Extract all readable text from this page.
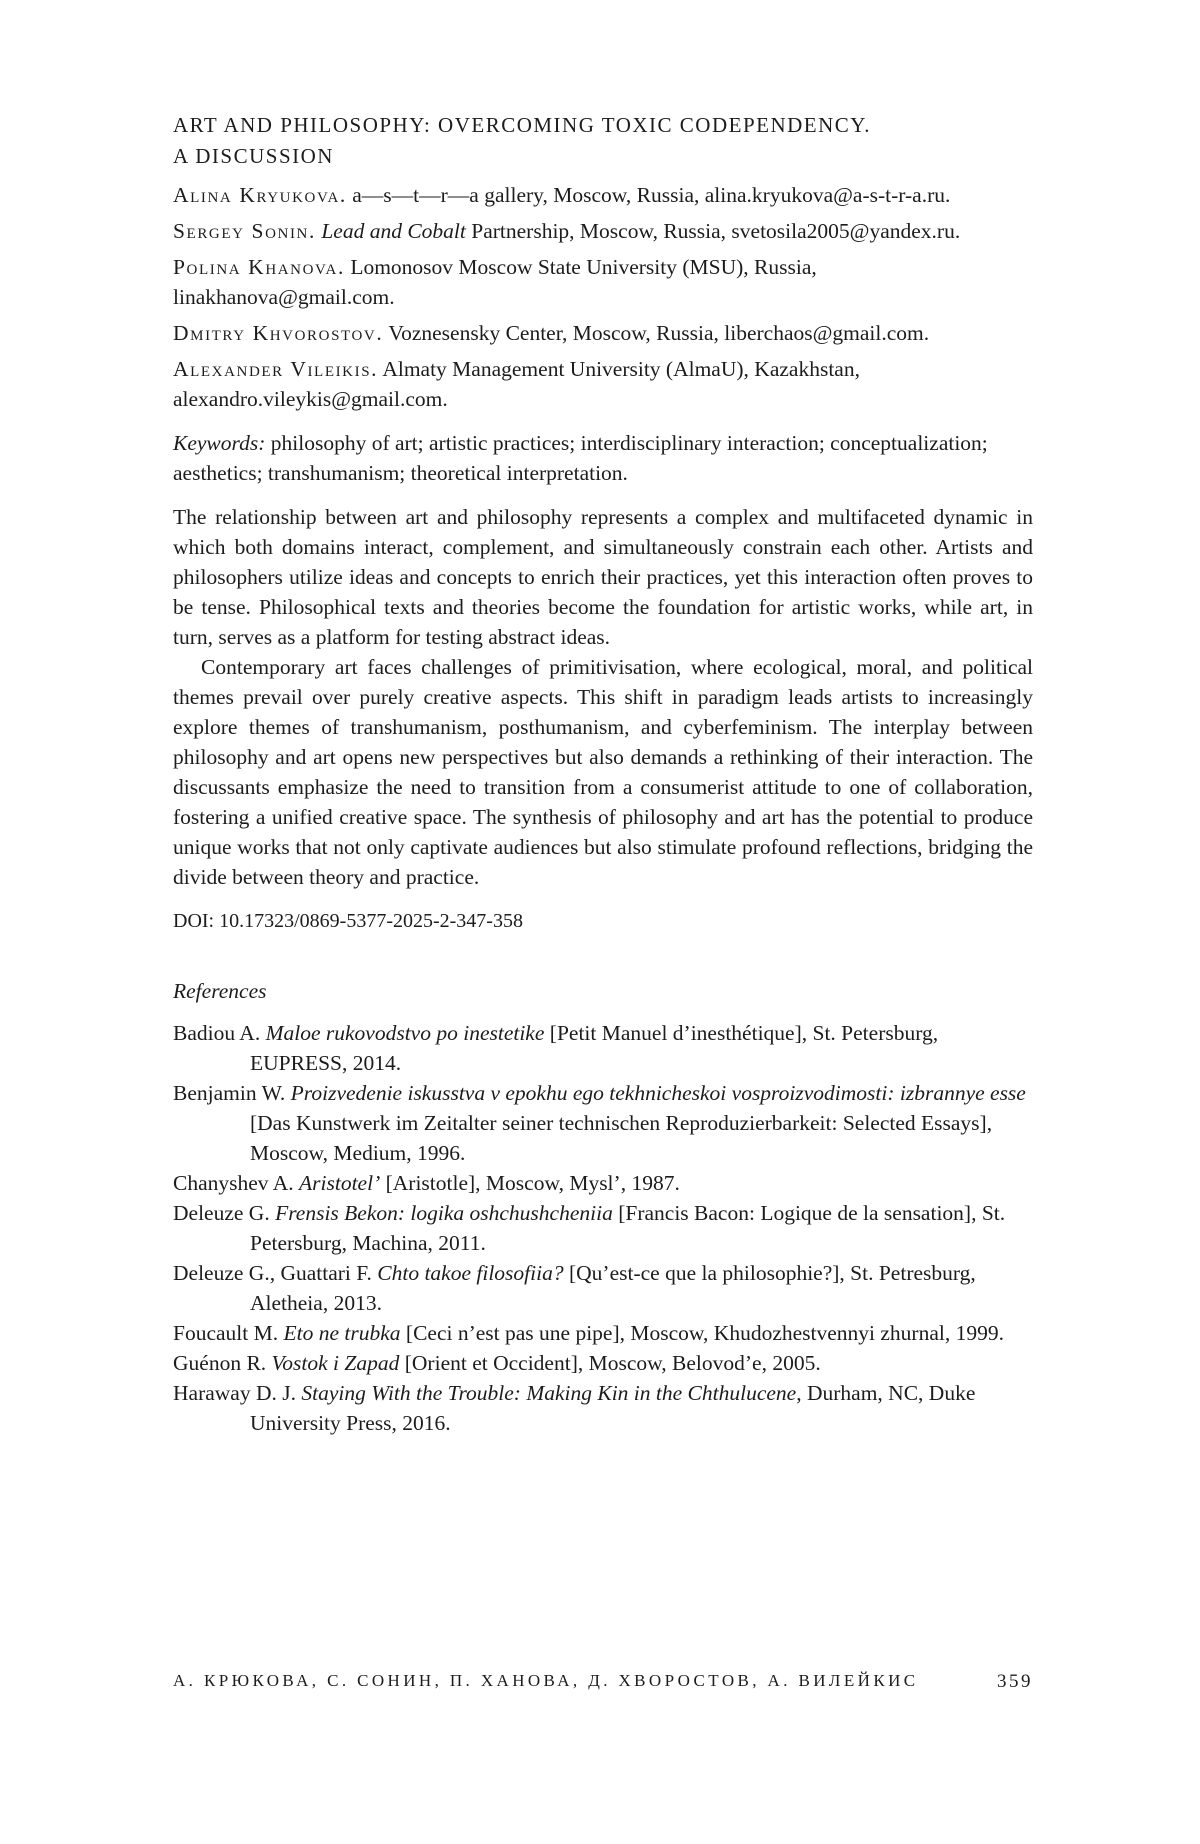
ART AND PHILOSOPHY: OVERCOMING TOXIC CODEPENDENCY.
A DISCUSSION

Alina Kryukova. a—s—t—r—a gallery, Moscow, Russia, alina.kryukova@a-s-t-r-a.ru.

Sergey Sonin. Lead and Cobalt Partnership, Moscow, Russia, svetosila2005@yandex.ru.

Polina Khanova. Lomonosov Moscow State University (MSU), Russia, linakhanova@gmail.com.

Dmitry Khvorostov. Voznesensky Center, Moscow, Russia, liberchaos@gmail.com.

Alexander Vileikis. Almaty Management University (AlmaU), Kazakhstan, alexandro.vileykis@gmail.com.

Keywords: philosophy of art; artistic practices; interdisciplinary interaction; conceptualization; aesthetics; transhumanism; theoretical interpretation.

The relationship between art and philosophy represents a complex and multifaceted dynamic in which both domains interact, complement, and simultaneously constrain each other. Artists and philosophers utilize ideas and concepts to enrich their practices, yet this interaction often proves to be tense. Philosophical texts and theories become the foundation for artistic works, while art, in turn, serves as a platform for testing abstract ideas.

Contemporary art faces challenges of primitivisation, where ecological, moral, and political themes prevail over purely creative aspects. This shift in paradigm leads artists to increasingly explore themes of transhumanism, posthumanism, and cyberfeminism. The interplay between philosophy and art opens new perspectives but also demands a rethinking of their interaction. The discussants emphasize the need to transition from a consumerist attitude to one of collaboration, fostering a unified creative space. The synthesis of philosophy and art has the potential to produce unique works that not only captivate audiences but also stimulate profound reflections, bridging the divide between theory and practice.

DOI: 10.17323/0869-5377-2025-2-347-358

References

Badiou A. Maloe rukovodstvo po inestetike [Petit Manuel d’inesthétique], St. Petersburg, EUPRESS, 2014.

Benjamin W. Proizvedenie iskusstva v epokhu ego tekhnicheskoi vosproizvodimosti: izbrannye esse [Das Kunstwerk im Zeitalter seiner technischen Reproduzierbarkeit: Selected Essays], Moscow, Medium, 1996.

Chanyshev A. Aristotel’ [Aristotle], Moscow, Mysl’, 1987.

Deleuze G. Frensis Bekon: logika oshchushcheniia [Francis Bacon: Logique de la sensation], St. Petersburg, Machina, 2011.

Deleuze G., Guattari F. Chto takoe filosofiia? [Qu’est-ce que la philosophie?], St. Petresburg, Aletheia, 2013.

Foucault M. Eto ne trubka [Ceci n’est pas une pipe], Moscow, Khudozhestvennyi zhurnal, 1999.

Guénon R. Vostok i Zapad [Orient et Occident], Moscow, Belovod’e, 2005.

Haraway D. J. Staying With the Trouble: Making Kin in the Chthulucene, Durham, NC, Duke University Press, 2016.

А. КРЮКОВА, С. СОНИН, П. ХАНОВА, Д. ХВОРОСТОВ, А. ВИЛЕЙКИС	359
